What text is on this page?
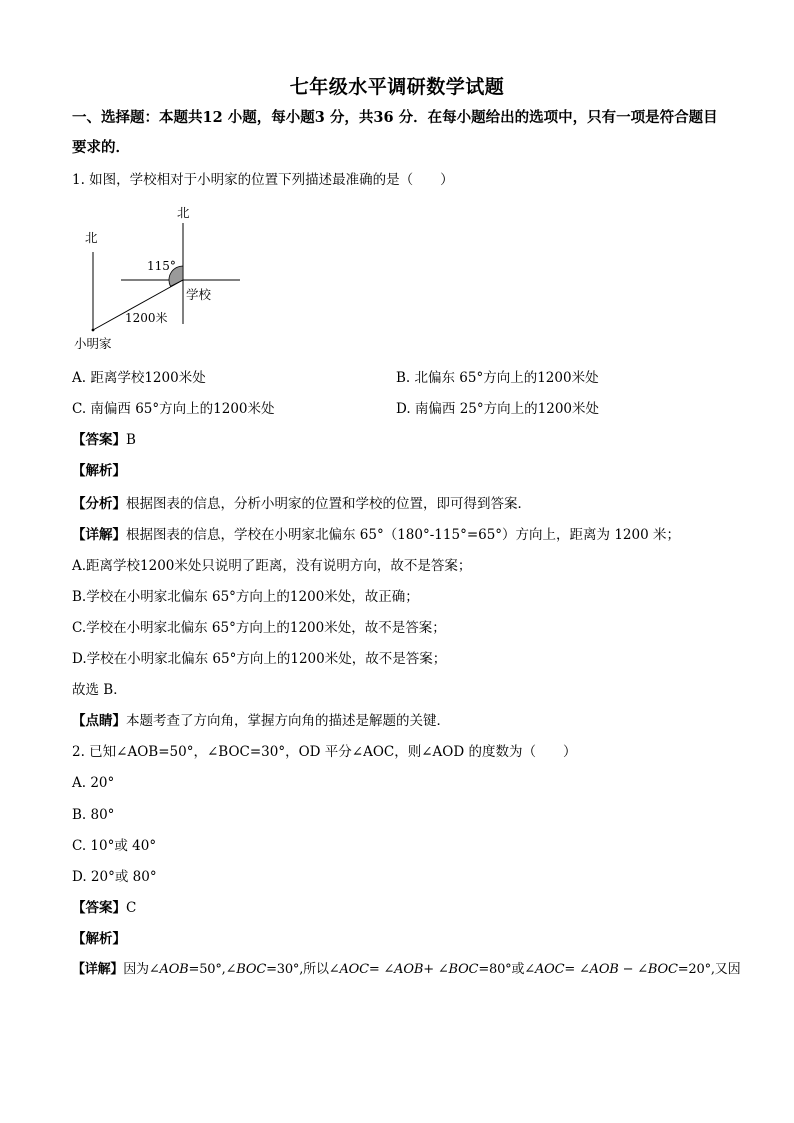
七年级水平调研数学试题
一、选择题：本题共12 小题，每小题3 分，共36 分．在每小题给出的选项中，只有一项是符合题目要求的．
1. 如图，学校相对于小明家的位置下列描述最准确的是（　　）
北
北
115°
学校
1200米
小明家
A. 距离学校1200米处	B. 北偏东 65°方向上的1200米处
C. 南偏西 65°方向上的1200米处	D. 南偏西 25°方向上的1200米处
【答案】B
【解析】
【分析】根据图表的信息，分析小明家的位置和学校的位置，即可得到答案．
【详解】根据图表的信息，学校在小明家北偏东 65°（180°-115°=65°）方向上，距离为 1200 米；
A.距离学校1200米处只说明了距离，没有说明方向，故不是答案；
B.学校在小明家北偏东 65°方向上的1200米处，故正确；
C.学校在小明家北偏东 65°方向上的1200米处，故不是答案；
D.学校在小明家北偏东 65°方向上的1200米处，故不是答案；
故选 B．
【点睛】本题考查了方向角，掌握方向角的描述是解题的关键．
2. 已知∠AOB=50°，∠BOC=30°，OD 平分∠AOC，则∠AOD 的度数为（　　）
A. 20°
B. 80°
C. 10°或 40°
D. 20°或 80°
【答案】C
【解析】
【详解】因为∠AOB=50°,∠BOC=30°,所以∠AOC= ∠AOB+ ∠BOC=80°或∠AOC= ∠AOB − ∠BOC=20°,又因
